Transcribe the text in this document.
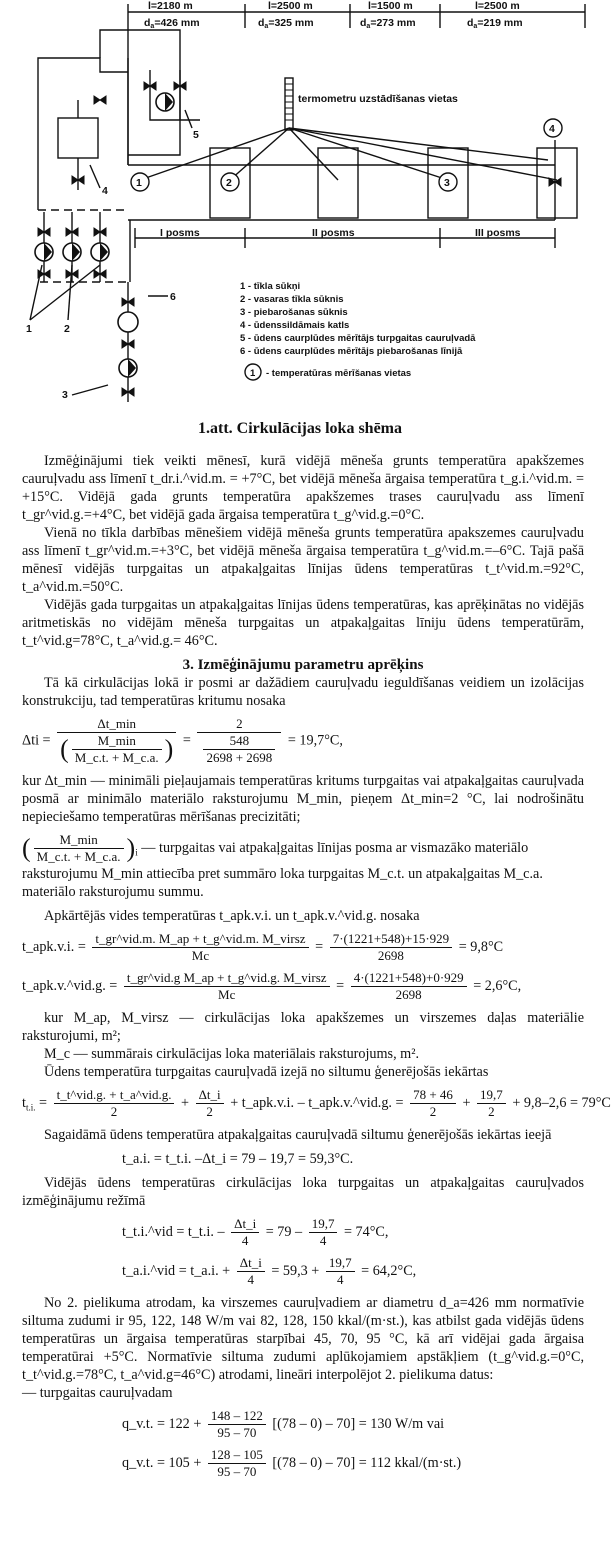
l=2180 m	l=2500 m	l=1500 m	l=2500 m
da=426 mm	da=325 mm	da=273 mm	da=219 mm
termometru uzstādīšanas vietas
I posms	II posms	III posms
1	2	3
4
4
5
6
1	2
3
1 - tīkla sūkņi
2 - vasaras tīkla sūknis
3 - piebarošanas sūknis
4 - ūdenssildāmais katls
5 - ūdens caurplūdes mērītājs turpgaitas cauruļvadā
6 - ūdens caurplūdes mērītājs piebarošanas līnijā
1 - temperatūras mērīšanas vietas
1.att. Cirkulācijas loka shēma

Izmēģinājumi tiek veikti mēnesī, kurā vidējā mēneša grunts temperatūra apakšzemes cauruļvadu ass līmenī t_dr.i.^vid.m. = +7°C, bet vidējā mēneša ārgaisa temperatūra t_g.i.^vid.m. = +15°C. Vidējā gada grunts temperatūra apakšzemes trases cauruļvadu ass līmenī t_gr^vid.g.=+4°C, bet vidējā gada ārgaisa temperatūra t_g^vid.g.=0°C.

Vienā no tīkla darbības mēnešiem vidējā mēneša grunts temperatūra apakszemes cauruļvadu ass līmenī t_gr^vid.m.=+3°C, bet vidējā mēneša ārgaisa temperatūra t_g^vid.m.=–6°C. Tajā pašā mēnesī vidējās turpgaitas un atpakaļgaitas līnijas ūdens temperatūras t_t^vid.m.=92°C, t_a^vid.m.=50°C.

Vidējās gada turpgaitas un atpakaļgaitas līnijas ūdens temperatūras, kas aprēķinātas no vidējās aritmetiskās no vidējām mēneša turpgaitas un atpakaļgaitas līniju ūdens temperatūrām, t_t^vid.g=78°C, t_a^vid.g.= 46°C.

3. Izmēģinājumu parametru aprēķins

Tā kā cirkulācijas lokā ir posmi ar dažādiem cauruļvadu ieguldīšanas veidiem un izolācijas konstrukciju, tad temperatūras kritumu nosaka

$\Delta ti = \frac{\Delta t\_\min}{( \frac{M\_\min}{M\_c.t. + M\_c.a.} )} = \frac{2}{\frac{548}{2698 + 2698}} = 19,7^\circ C$,

kur Δt_min — minimāli pieļaujamais temperatūras kritums turpgaitas vai atpakaļgaitas cauruļvada posmā ar minimālo materiālo raksturojumu M_min, pieņem Δt_min=2 °C, lai nodrošinātu nepieciešamo temperatūras mērīšanas precizitāti;

( $\frac{M\_\min}{M\_c.t. + M\_c.a.} )_i$ — turpgaitas vai atpakaļgaitas līnijas posma ar vismazāko materiālo raksturojumu M_min attiecība pret summāro loka turpgaitas M_c.t. un atpakaļgaitas M_c.a. materiālo raksturojumu summu.

Apkārtējās vides temperatūras t_apk.v.i. un t_apk.v.^vid.g. nosaka

t_apk.v.i. = $\frac{\text{t\_gr\textasciicircum{}vid.m. M\_ap + t\_g\textasciicircum{}vid.m. M\_virsz}}{Mc} = \frac{7\cdot(1221+548)+15\cdot 929}{2698} = 9,8^\circ C$

t_apk.v.^vid.g. = $\frac{\text{t\_gr\textasciicircum{}vid.g M\_ap + t\_g\textasciicircum{}vid.g. M\_virsz}}{Mc} = \frac{4\cdot(1221+548)+0\cdot 929}{2698} = 2,6^\circ C$,

kur M_ap, M_virsz — cirkulācijas loka apakšzemes un virszemes daļas materiālie raksturojumi, m²;

M_c — summārais cirkulācijas loka materiālais raksturojums, m².

Ūdens temperatūra turpgaitas cauruļvadā izejā no siltumu ģenerējošās iekārtas

$t_{t.i.} = \frac{\text{t\_t\textasciicircum{}vid.g. + t\_a\textasciicircum{}vid.g.}}{2} + \frac{\Delta t\_i}{2}$ + t_apk.v.i. – t_apk.v.^vid.g. = $\frac{78 + 46}{2} + \frac{19,7}{2} + 9,8-2,6 = 79^\circ C$

Sagaidāmā ūdens temperatūra atpakaļgaitas cauruļvadā siltumu ģenerējošās iekārtas ieejā

t_a.i. = t_t.i. –Δt_i = 79 – 19,7 = 59,3°C.

Vidējās ūdens temperatūras cirkulācijas loka turpgaitas un atpakaļgaitas cauruļvados izmēģinājumu režīmā

t_t.i.^vid = t_t.i. – $\frac{\Delta t\_i}{4} = 79 - \frac{19,7}{4} = 74^\circ C$,

t_a.i.^vid = t_a.i. + $\frac{\Delta t\_i}{4} = 59,3 + \frac{19,7}{4} = 64,2^\circ C$,

No 2. pielikuma atrodam, ka virszemes cauruļvadiem ar diametru d_a=426 mm normatīvie siltuma zudumi ir 95, 122, 148 W/m vai 82, 128, 150 kkal/(m·st.), kas atbilst gada vidējās ūdens temperatūras un ārgaisa temperatūras starpībai 45, 70, 95 °C, kā arī vidējai gada ārgaisa temperatūrai +5°C. Normatīvie siltuma zudumi aplūkojamiem apstākļiem (t_g^vid.g.=0°C, t_t^vid.g.=78°C, t_a^vid.g=46°C) atrodami, lineāri interpolējot 2. pielikuma datus:

— turpgaitas cauruļvadam

q_v.t. = $122 + \frac{148 - 122}{95 - 70} [(78 - 0) - 70] = 130$ W/m vai

q_v.t. = $105 + \frac{128 - 105}{95 - 70} [(78 - 0) - 70] = 112$ kkal/(m·st.)
